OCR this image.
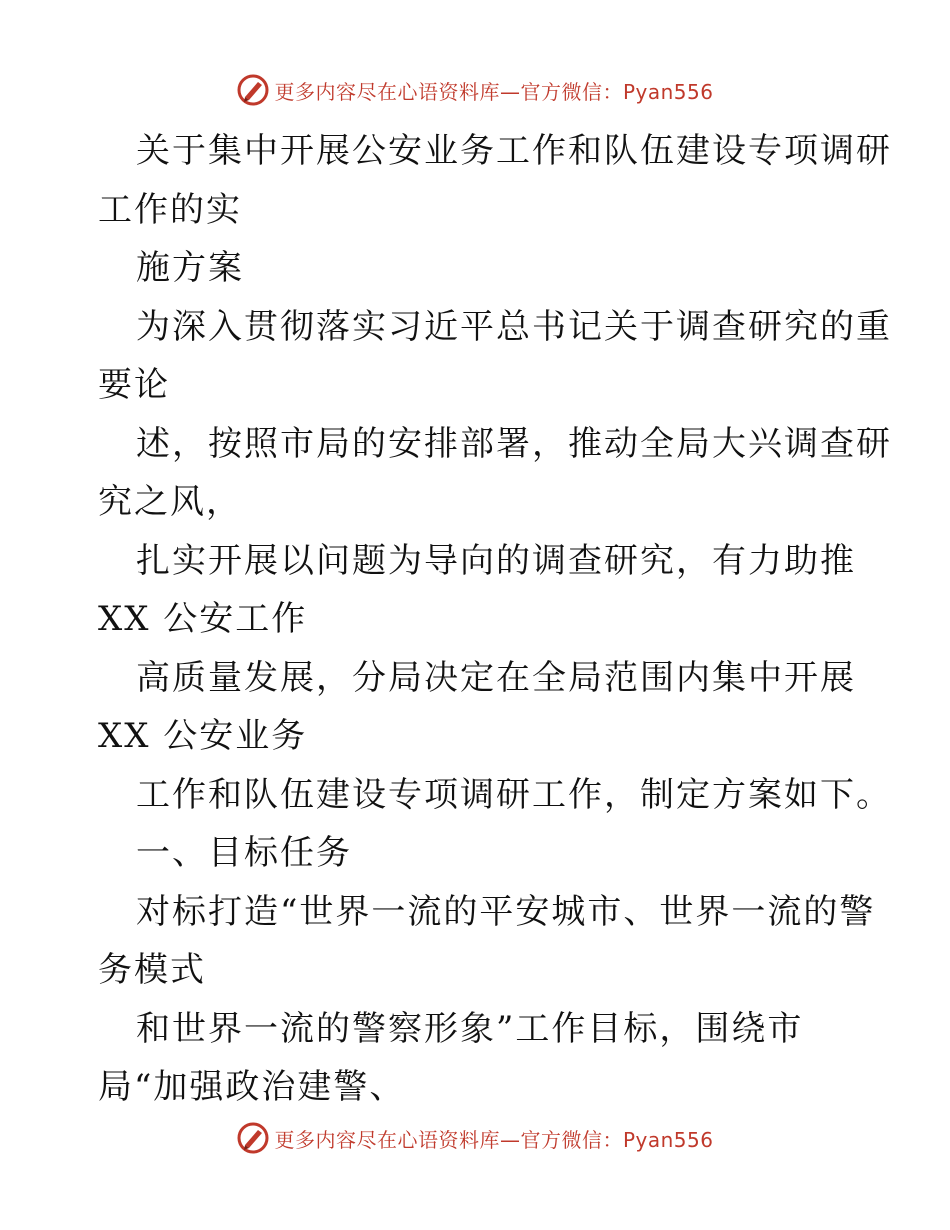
更多内容尽在心语资料库—官方微信：Pyan556
关于集中开展公安业务工作和队伍建设专项调研
工作的实
施方案
为深入贯彻落实习近平总书记关于调查研究的重
要论
述，按照市局的安排部署，推动全局大兴调查研
究之风，
扎实开展以问题为导向的调查研究，有力助推
XX 公安工作
高质量发展，分局决定在全局范围内集中开展
XX 公安业务
工作和队伍建设专项调研工作，制定方案如下。
一、目标任务
对标打造“世界一流的平安城市、世界一流的警
务模式
和世界一流的警察形象”工作目标，围绕市
局“加强政治建警、
更多内容尽在心语资料库—官方微信：Pyan556
